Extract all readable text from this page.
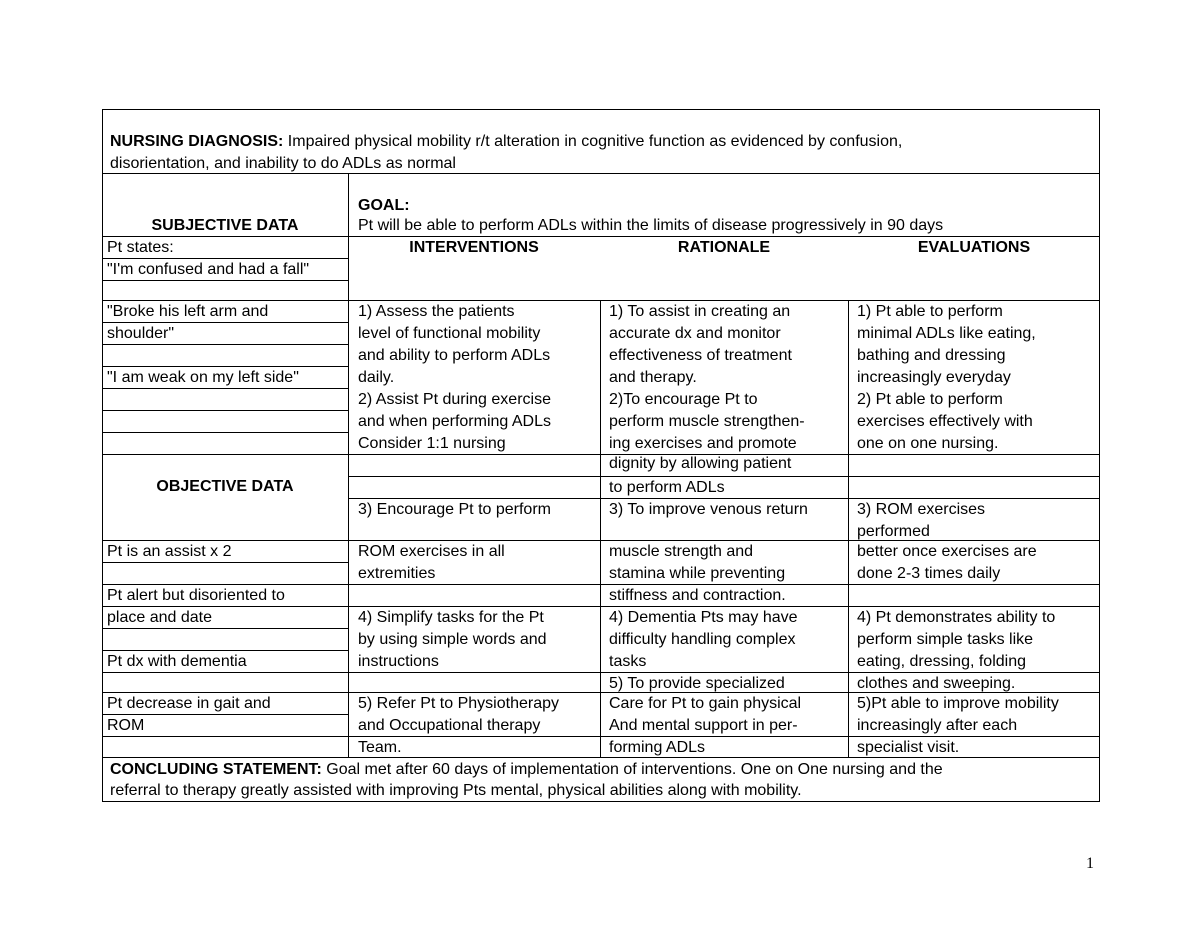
NURSING DIAGNOSIS: Impaired physical mobility r/t alteration in cognitive function as evidenced by confusion,
disorientation, and inability to do ADLs as normal
SUBJECTIVE DATA
GOAL:
Pt will be able to perform ADLs within the limits of disease progressively in 90 days
INTERVENTIONS	RATIONALE	EVALUATIONS
OBJECTIVE DATA
Pt states:
"I'm confused and had a fall"
"Broke his left arm and
shoulder"
"I am weak on my left side"
Pt is an assist x 2
Pt alert but disoriented to
place and date
Pt dx with dementia
Pt decrease in gait and
ROM
1) Assess the patients
level of functional mobility
and ability to perform ADLs
daily.
2) Assist Pt during exercise
and when performing ADLs
Consider 1:1 nursing
3) Encourage Pt to perform
ROM exercises in all
extremities
4) Simplify tasks for the Pt
by using simple words and
instructions
5) Refer Pt to Physiotherapy
and Occupational therapy
Team.
1) To assist in creating an
accurate dx and monitor
effectiveness of treatment
and therapy.
2)To encourage Pt to
perform muscle strengthen-
ing exercises and promote
dignity by allowing patient
to perform ADLs
3) To improve venous return
muscle strength and
stamina while preventing
stiffness and contraction.
4) Dementia Pts may have
difficulty handling complex
tasks
5) To provide specialized
Care for Pt to gain physical
And mental support in per-
forming ADLs
1) Pt able to perform
minimal ADLs like eating,
bathing and dressing
increasingly everyday
2) Pt able to perform
exercises effectively with
one on one nursing.
3) ROM exercises
performed
better once exercises are
done 2-3 times daily
4) Pt demonstrates ability to
perform simple tasks like
eating, dressing, folding
clothes and sweeping.
5)Pt able to improve mobility
increasingly after each
specialist visit.
CONCLUDING STATEMENT: Goal met after 60 days of implementation of interventions. One on One nursing and the
referral to therapy greatly assisted with improving Pts mental, physical abilities along with mobility.
1
